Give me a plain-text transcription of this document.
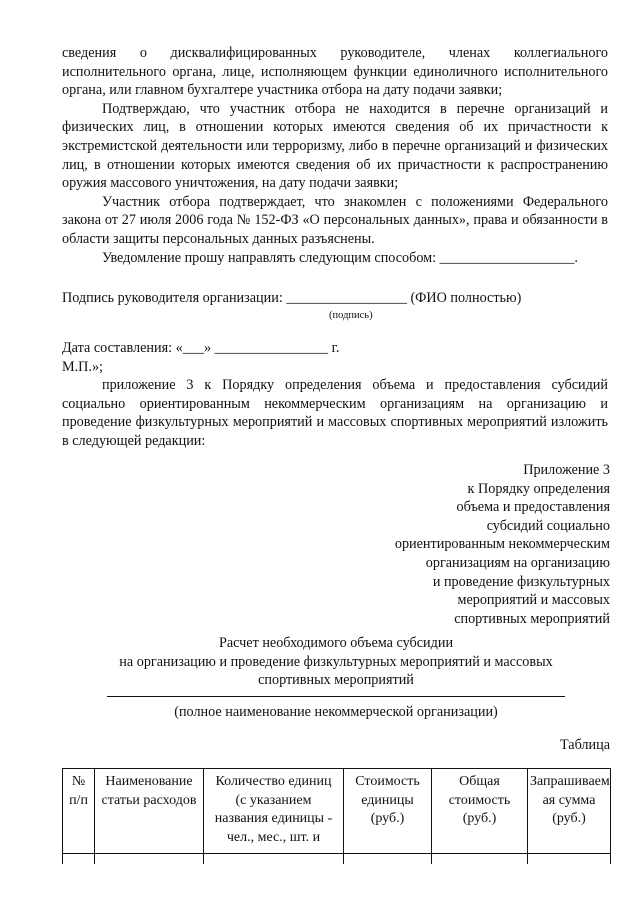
сведения о дисквалифицированных руководителе, членах коллегиального исполнительного органа, лице, исполняющем функции единоличного исполнительного органа, или главном бухгалтере участника отбора на дату подачи заявки;

Подтверждаю, что участник отбора не находится в перечне организаций и физических лиц, в отношении которых имеются сведения об их причастности к экстремистской деятельности или терроризму, либо в перечне организаций и физических лиц, в отношении которых имеются сведения об их причастности к распространению оружия массового уничтожения, на дату подачи заявки;

Участник отбора подтверждает, что знакомлен с положениями Федерального закона от 27 июля 2006 года № 152-ФЗ «О персональных данных», права и обязанности в области защиты персональных данных разъяснены.

Уведомление прошу направлять следующим способом: ___________________.

Подпись руководителя организации: _________________ (ФИО полностью)

(подпись)

Дата составления: «___» ________________ г.

М.П.»;

приложение 3 к Порядку определения объема и предоставления субсидий социально ориентированным некоммерческим организациям на организацию и проведение физкультурных мероприятий и массовых спортивных мероприятий изложить в следующей редакции:

Приложение 3

к Порядку определения

объема и предоставления

субсидий социально

ориентированным некоммерческим

организациям на организацию

и проведение физкультурных

мероприятий и массовых

спортивных мероприятий

Расчет необходимого объема субсидии

на организацию и проведение физкультурных мероприятий и массовых

спортивных мероприятий

(полное наименование некоммерческой организации)

Таблица

№
п/п	Наименование
статьи расходов	Количество единиц
(с указанием
названия единицы -
чел., мес., шт. и	Стоимость
единицы
(руб.)	Общая
стоимость
(руб.)	Запрашиваем
ая сумма
(руб.)
